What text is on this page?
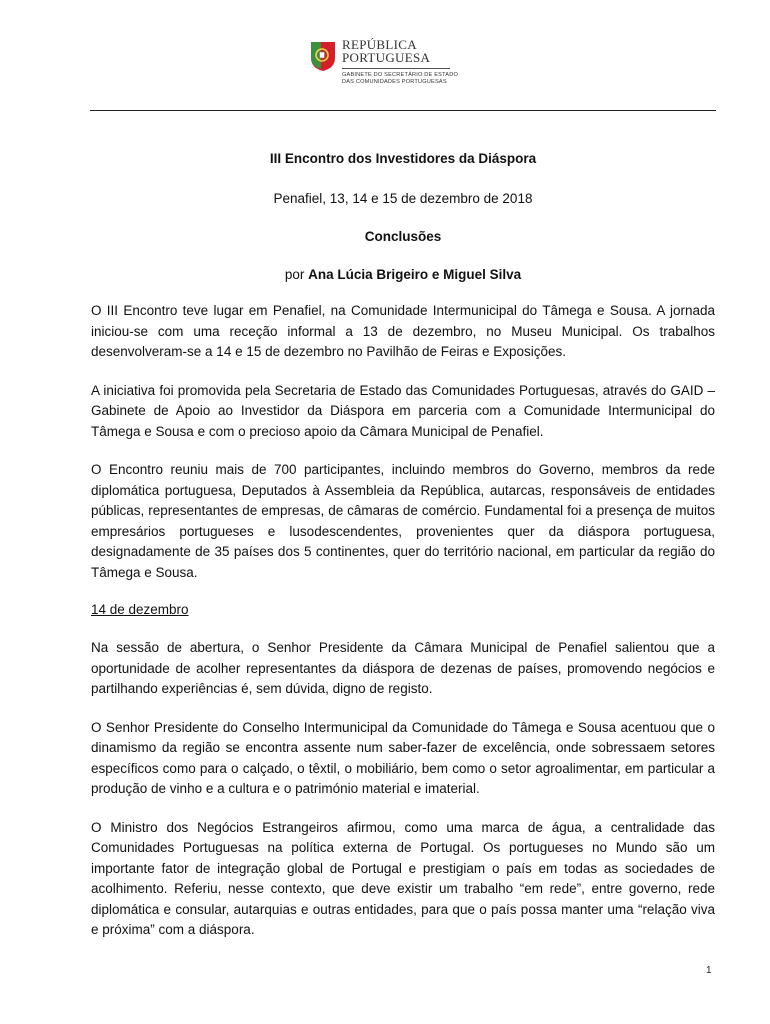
REPÚBLICA
PORTUGUESA
GABINETE DO SECRETÁRIO DE ESTADO
DAS COMUNIDADES PORTUGUESAS
III Encontro dos Investidores da Diáspora
Penafiel, 13, 14 e 15 de dezembro de 2018
Conclusões
por Ana Lúcia Brigeiro e Miguel Silva

O III Encontro teve lugar em Penafiel, na Comunidade Intermunicipal do Tâmega e Sousa. A jornada iniciou-se com uma receção informal a 13 de dezembro, no Museu Municipal. Os trabalhos desenvolveram-se a 14 e 15 de dezembro no Pavilhão de Feiras e Exposições.

A iniciativa foi promovida pela Secretaria de Estado das Comunidades Portuguesas, através do GAID – Gabinete de Apoio ao Investidor da Diáspora em parceria com a Comunidade Intermunicipal do Tâmega e Sousa e com o precioso apoio da Câmara Municipal de Penafiel.

O Encontro reuniu mais de 700 participantes, incluindo membros do Governo, membros da rede diplomática portuguesa, Deputados à Assembleia da República, autarcas, responsáveis de entidades públicas, representantes de empresas, de câmaras de comércio. Fundamental foi a presença de muitos empresários portugueses e lusodescendentes, provenientes quer da diáspora portuguesa, designadamente de 35 países dos 5 continentes, quer do território nacional, em particular da região do Tâmega e Sousa.

14 de dezembro

Na sessão de abertura, o Senhor Presidente da Câmara Municipal de Penafiel salientou que a oportunidade de acolher representantes da diáspora de dezenas de países, promovendo negócios e partilhando experiências é, sem dúvida, digno de registo.

O Senhor Presidente do Conselho Intermunicipal da Comunidade do Tâmega e Sousa acentuou que o dinamismo da região se encontra assente num saber-fazer de excelência, onde sobressaem setores específicos como para o calçado, o têxtil, o mobiliário, bem como o setor agroalimentar, em particular a produção de vinho e a cultura e o património material e imaterial.

O Ministro dos Negócios Estrangeiros afirmou, como uma marca de água, a centralidade das Comunidades Portuguesas na política externa de Portugal. Os portugueses no Mundo são um importante fator de integração global de Portugal e prestigiam o país em todas as sociedades de acolhimento. Referiu, nesse contexto, que deve existir um trabalho “em rede”, entre governo, rede diplomática e consular, autarquias e outras entidades, para que o país possa manter uma “relação viva e próxima” com a diáspora.

1
